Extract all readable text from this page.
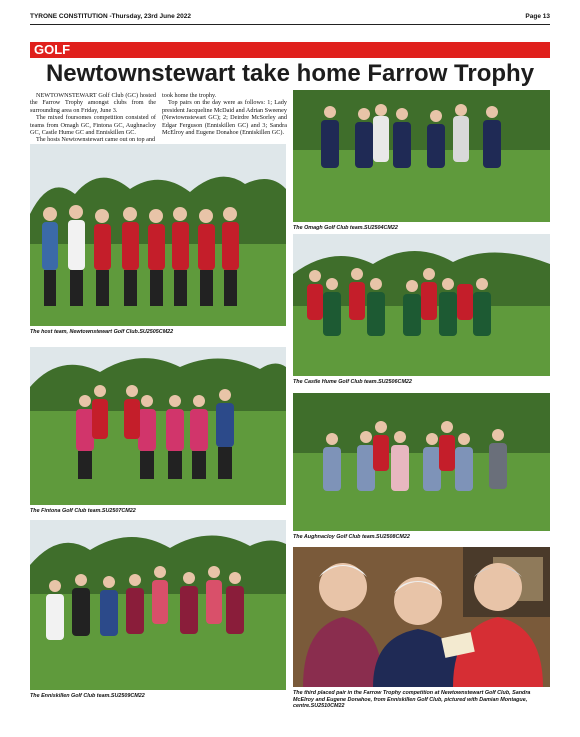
TYRONE CONSTITUTION -Thursday, 23rd June 2022	Page 13
GOLF
Newtownstewart take home Farrow Trophy

NEWTOWNSTEWART Golf Club (GC) hosted the Farrow Trophy amongst clubs from the surrounding area on Friday, June 3.

The mixed foursomes competition consisted of teams from Omagh GC, Fintona GC, Aughnacloy GC, Castle Hume GC and Enniskillen GC.

The hosts Newtownstewart came out on top and

took home the trophy.

Top pairs on the day were as follows: 1; Lady president Jacqueline McDaid and Adrian Sweeney (Newtownstewart GC); 2; Deirdre McSorley and Edgar Ferguson (Enniskillen GC) and 3; Sandra McElroy and Eugene Donahoe (Enniskillen GC).

The host team, Newtownstewart Golf Club.SU2505CM22
The Omagh Golf Club team.SU2504CM22
The Castle Hume Golf Club team.SU2506CM22
The Fintona Golf Club team.SU2507CM22
The Aughnacloy Golf Club team.SU2508CM22
The Enniskillen Golf Club team.SU2509CM22	The third placed pair in the Farrow Trophy competition at Newtownstewart Golf Club, Sandra McElroy and Eugene Donahoe, from Enniskillen Golf Club, pictured with Damian Montague, centre.SU2510CM22
